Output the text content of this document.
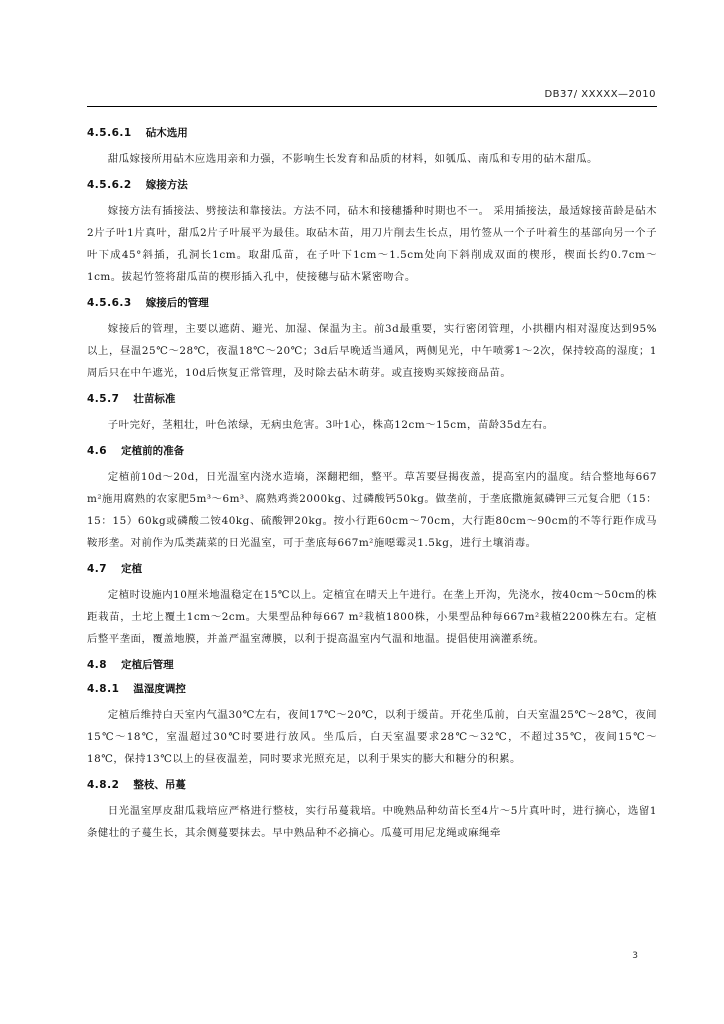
DB37/ XXXXX—2010
4.5.6.1 砧木选用

甜瓜嫁接所用砧木应选用亲和力强，不影响生长发育和品质的材料，如瓠瓜、南瓜和专用的砧木甜瓜。

4.5.6.2 嫁接方法

嫁接方法有插接法、劈接法和靠接法。方法不同，砧木和接穗播种时期也不一。 采用插接法，最适嫁接苗龄是砧木2片子叶1片真叶，甜瓜2片子叶展平为最佳。取砧木苗，用刀片削去生长点，用竹签从一个子叶着生的基部向另一个子叶下成45°斜插，孔洞长1cm。取甜瓜苗，在子叶下1cm～1.5cm处向下斜削成双面的楔形，楔面长约0.7cm～1cm。拔起竹签将甜瓜苗的楔形插入孔中，使接穗与砧木紧密吻合。

4.5.6.3 嫁接后的管理

嫁接后的管理，主要以遮荫、避光、加湿、保温为主。前3d最重要，实行密闭管理，小拱棚内相对湿度达到95%以上，昼温25℃～28℃，夜温18℃～20℃；3d后早晚适当通风，两侧见光，中午喷雾1～2次，保持较高的湿度；1周后只在中午遮光，10d后恢复正常管理，及时除去砧木萌芽。或直接购买嫁接商品苗。

4.5.7 壮苗标准

子叶完好，茎粗壮，叶色浓绿，无病虫危害。3叶1心，株高12cm～15cm，苗龄35d左右。

4.6 定植前的准备

定植前10d～20d，日光温室内浇水造墒，深翻耙细，整平。草苫要昼揭夜盖，提高室内的温度。结合整地每667 m²施用腐熟的农家肥5m³～6m³、腐熟鸡粪2000kg、过磷酸钙50kg。做垄前，于垄底撒施氮磷钾三元复合肥（15：15：15）60kg或磷酸二铵40kg、硫酸钾20kg。按小行距60cm～70cm，大行距80cm～90cm的不等行距作成马鞍形垄。对前作为瓜类蔬菜的日光温室，可于垄底每667m²施噁霉灵1.5kg，进行土壤消毒。

4.7 定植

定植时设施内10厘米地温稳定在15℃以上。定植宜在晴天上午进行。在垄上开沟，先浇水，按40cm～50cm的株距栽苗，土坨上覆土1cm～2cm。大果型品种每667 m²栽植1800株，小果型品种每667m²栽植2200株左右。定植后整平垄面，覆盖地膜，并盖严温室薄膜，以利于提高温室内气温和地温。提倡使用滴灌系统。

4.8 定植后管理
4.8.1 温湿度调控

定植后维持白天室内气温30℃左右，夜间17℃～20℃，以利于缓苗。开花坐瓜前，白天室温25℃～28℃，夜间15℃～18℃，室温超过30℃时要进行放风。坐瓜后，白天室温要求28℃～32℃，不超过35℃，夜间15℃～18℃，保持13℃以上的昼夜温差，同时要求光照充足，以利于果实的膨大和糖分的积累。

4.8.2 整枝、吊蔓

日光温室厚皮甜瓜栽培应严格进行整枝，实行吊蔓栽培。中晚熟品种幼苗长至4片～5片真叶时，进行摘心，选留1条健壮的子蔓生长，其余侧蔓要抹去。早中熟品种不必摘心。瓜蔓可用尼龙绳或麻绳牵

3
